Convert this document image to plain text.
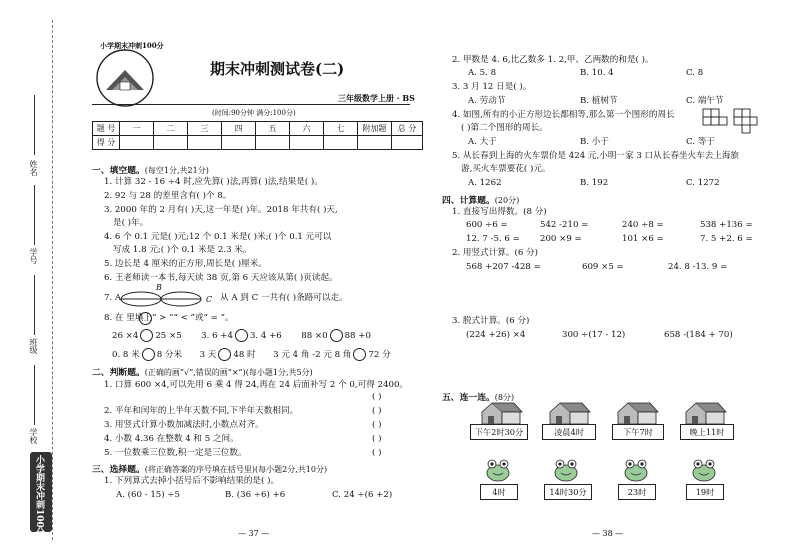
姓名
学号
班级
学校
小学期末冲刺100分
小学期末冲刺100分
期末冲刺测试卷(二)
三年级数学上册 · BS
(时间:90分钟 满分:100分)
题 号	一	二	三	四	五	六	七	附加题	总 分
得 分									
一、填空题。(每空1分,共21分)
1. 计算 32 - 16 ÷4 时,应先算( )法,再算( )法,结果是( )。
2. 92 与 28 的差里含有( )个 8。
3. 2000 年的 2 月有( )天,这一年是( )年。2018 年共有( )天,
是( )年。
4. 6 个 0.1 元是( )元;12 个 0.1 米是( )米;( )个 0.1 元可以
写成 1.8 元;( )个 0.1 米是 2.3 米。
5. 边长是 4 厘米的正方形,周长是( )厘米。
6. 王老师读一本书,每天读 38 页,第 6 天应该从第( )页读起。
7. A
B
C 从 A 到 C 一共有( )条路可以走。
8. 在 里填上“ > ”“ < ”或“ = ”。
26 ×4 25 ×5 3. 6 +4 3. 4 +6 88 ×0 88 +0
0. 8 米 8 分米 3 天 48 时 3 元 4 角 -2 元 8 角 72 分
二、判断题。(正确的画“√”,错误的画“×”)(每小题1分,共5分)
1. 口算 600 ×4,可以先用 6 乘 4 得 24,再在 24 后面补写 2 个 0,可得 2400。
( )
2. 平年和闰年的上半年天数不同,下半年天数相同。	( )
3. 用竖式计算小数加减法时,小数点对齐。	( )
4. 小数 4.36 在整数 4 和 5 之间。	( )
5. 一位数乘三位数,积一定是三位数。	( )
三、选择题。(将正确答案的序号填在括号里)(每小题2分,共10分)
1. 下列算式去掉小括号后不影响结果的是( )。
A. (60 - 15) ÷5	B. (36 ÷6) +6	C. 24 ÷(6 +2)
— 37 —
2. 甲数是 4. 6,比乙数多 1. 2,甲、乙两数的和是( )。
A. 5. 8	B. 10. 4	C. 8
3. 3 月 12 日是( )。
A. 劳动节	B. 植树节	C. 端午节
4. 如图,所有的小正方形边长都相等,那么第一个图形的周长
( )第二个图形的周长。
A. 大于	B. 小于	C. 等于
5. 从长春到上海的火车票价是 424 元,小明一家 3 口从长春坐火车去上海旅
游,买火车票要花( )元。
A. 1262	B. 192	C. 1272
四、计算题。(20分)
1. 直接写出得数。(8 分)
600 ÷6 =	542 -210 =	240 ÷8 =	538 +136 =
12. 7 -5. 6 = 200 ×9 =	101 ×6 =	7. 5 +2. 6 =
2. 用竖式计算。(6 分)
568 +207 -428 =	609 ×5 =	24. 8 -13. 9 =
3. 脱式计算。(6 分)
(224 +26) ×4	300 ÷(17 - 12)	658 -(184 + 70)
五、连一连。(8分)
下午2时30分	凌晨4时	下午7时	晚上11时
4时	14时30分	23时	19时
— 38 —
